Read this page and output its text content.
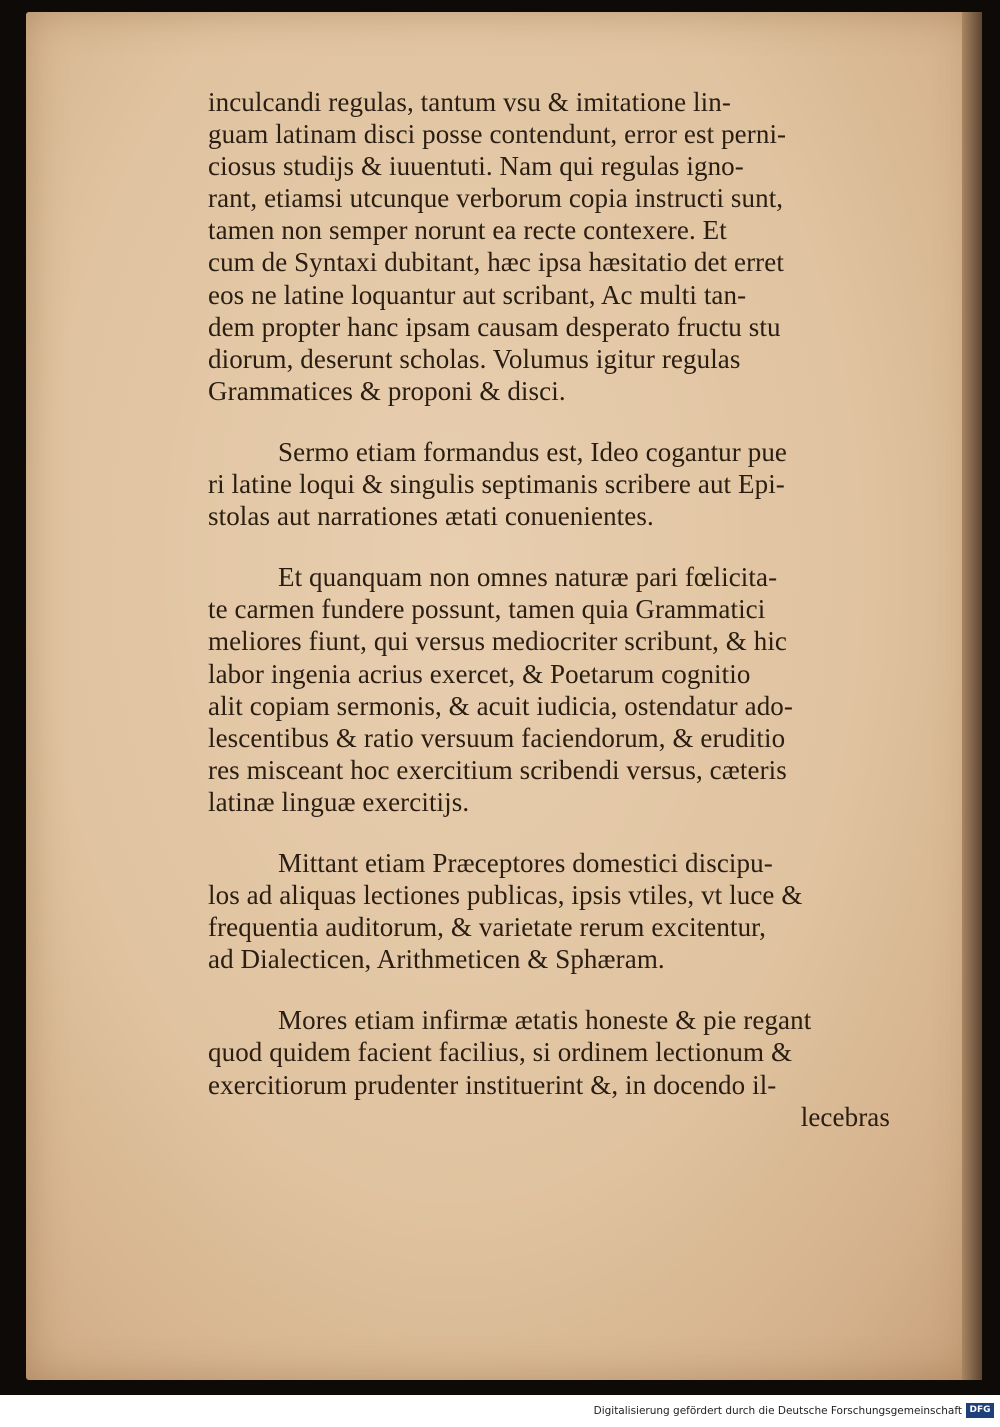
inculcandi regulas, tantum vsu & imitatione lin-
guam latinam disci posse contendunt, error est perni-
ciosus studijs & iuuentuti. Nam qui regulas igno-
rant, etiamsi utcunque verborum copia instructi sunt,
tamen non semper norunt ea recte contexere. Et
cum de Syntaxi dubitant, hæc ipsa hæsitatio det erret
eos ne latine loquantur aut scribant, Ac multi tan-
dem propter hanc ipsam causam desperato fructu stu
diorum, deserunt scholas. Volumus igitur regulas
Grammatices & proponi & disci.

Sermo etiam formandus est, Ideo cogantur pue
ri latine loqui & singulis septimanis scribere aut Epi-
stolas aut narrationes ætati conuenientes.

Et quanquam non omnes naturæ pari fœlicita-
te carmen fundere possunt, tamen quia Grammatici
meliores fiunt, qui versus mediocriter scribunt, & hic
labor ingenia acrius exercet, & Poetarum cognitio
alit copiam sermonis, & acuit iudicia, ostendatur ado-
lescentibus & ratio versuum faciendorum, & eruditio
res misceant hoc exercitium scribendi versus, cæteris
latinæ linguæ exercitijs.

Mittant etiam Præceptores domestici discipu-
los ad aliquas lectiones publicas, ipsis vtiles, vt luce &
frequentia auditorum, & varietate rerum excitentur,
ad Dialecticen, Arithmeticen & Sphæram.

Mores etiam infirmæ ætatis honeste & pie regant
quod quidem facient facilius, si ordinem lectionum &
exercitiorum prudenter instituerint &, in docendo il-
lecebras

Digitalisierung gefördert durch die Deutsche Forschungsgemeinschaft DFG
